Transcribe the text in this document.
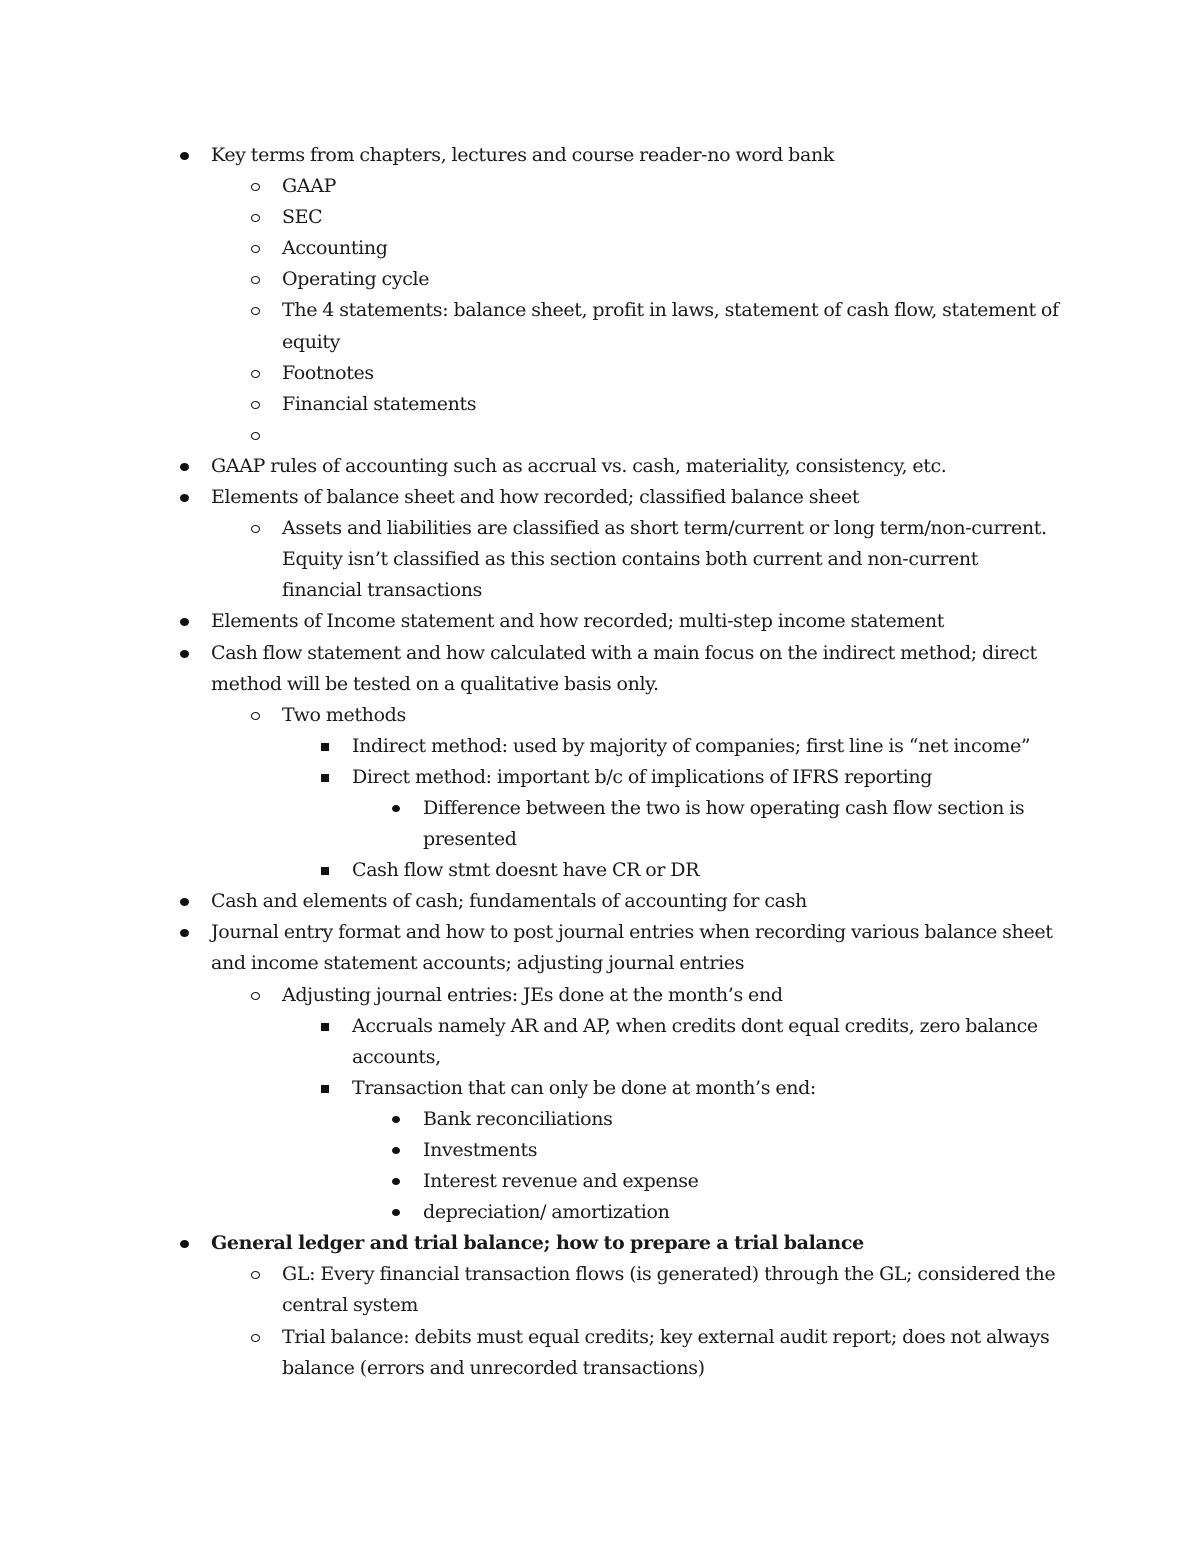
Key terms from chapters, lectures and course reader-no word bank
GAAP
SEC
Accounting
Operating cycle
The 4 statements: balance sheet, profit in laws, statement of cash flow, statement of equity
Footnotes
Financial statements
GAAP rules of accounting such as accrual vs. cash, materiality, consistency, etc.
Elements of balance sheet and how recorded; classified balance sheet
Assets and liabilities are classified as short term/current or long term/non-current. Equity isn’t classified as this section contains both current and non-current financial transactions
Elements of Income statement and how recorded; multi-step income statement
Cash flow statement and how calculated with a main focus on the indirect method; direct method will be tested on a qualitative basis only.
Two methods
Indirect method: used by majority of companies; first line is “net income”
Direct method: important b/c of implications of IFRS reporting
Difference between the two is how operating cash flow section is presented
Cash flow stmt doesnt have CR or DR
Cash and elements of cash; fundamentals of accounting for cash
Journal entry format and how to post journal entries when recording various balance sheet and income statement accounts; adjusting journal entries
Adjusting journal entries: JEs done at the month’s end
Accruals namely AR and AP, when credits dont equal credits, zero balance accounts,
Transaction that can only be done at month’s end:
Bank reconciliations
Investments
Interest revenue and expense
depreciation/ amortization
General ledger and trial balance; how to prepare a trial balance
GL: Every financial transaction flows (is generated) through the GL; considered the central system
Trial balance: debits must equal credits; key external audit report; does not always balance (errors and unrecorded transactions)
